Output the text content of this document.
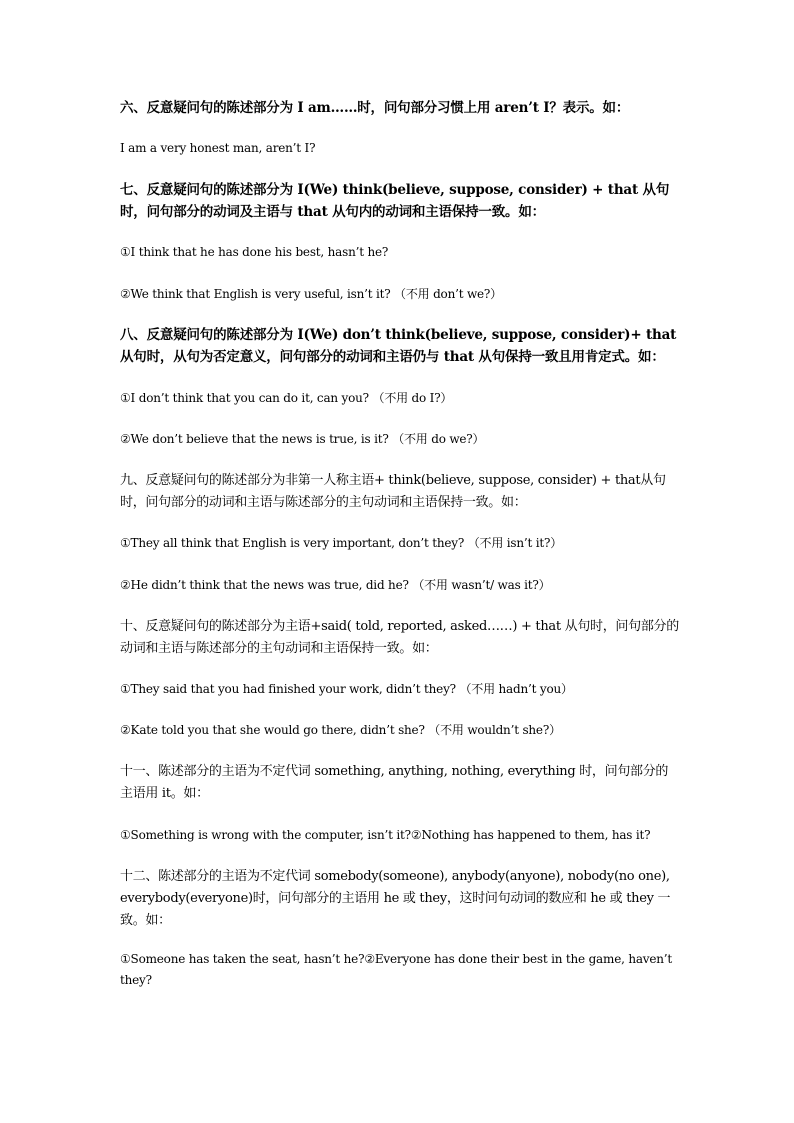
六、反意疑问句的陈述部分为 I am……时，问句部分习惯上用 aren’t I？表示。如：

I am a very honest man, aren’t I?

七、反意疑问句的陈述部分为 I(We) think(believe, suppose, consider) + that 从句时，问句部分的动词及主语与 that 从句内的动词和主语保持一致。如：

①I think that he has done his best, hasn’t he?

②We think that English is very useful, isn’t it? （不用 don’t we?）

八、反意疑问句的陈述部分为 I(We) don’t think(believe, suppose, consider)+ that 从句时，从句为否定意义，问句部分的动词和主语仍与 that 从句保持一致且用肯定式。如：

①I don’t think that you can do it, can you? （不用 do I?）

②We don’t believe that the news is true, is it? （不用 do we?）

九、反意疑问句的陈述部分为非第一人称主语+ think(believe, suppose, consider) + that从句时，问句部分的动词和主语与陈述部分的主句动词和主语保持一致。如：

①They all think that English is very important, don’t they? （不用 isn’t it?）

②He didn’t think that the news was true, did he? （不用 wasn’t/ was it?）

十、反意疑问句的陈述部分为主语+said( told, reported, asked……) + that 从句时，问句部分的动词和主语与陈述部分的主句动词和主语保持一致。如：

①They said that you had finished your work, didn’t they? （不用 hadn’t you）

②Kate told you that she would go there, didn’t she? （不用 wouldn’t she?）

十一、陈述部分的主语为不定代词 something, anything, nothing, everything 时，问句部分的主语用 it。如：

①Something is wrong with the computer, isn’t it?②Nothing has happened to them, has it?

十二、陈述部分的主语为不定代词 somebody(someone), anybody(anyone), nobody(no one), everybody(everyone)时，问句部分的主语用 he 或 they，这时问句动词的数应和 he 或 they 一致。如：

①Someone has taken the seat, hasn’t he?②Everyone has done their best in the game, haven’t they?
